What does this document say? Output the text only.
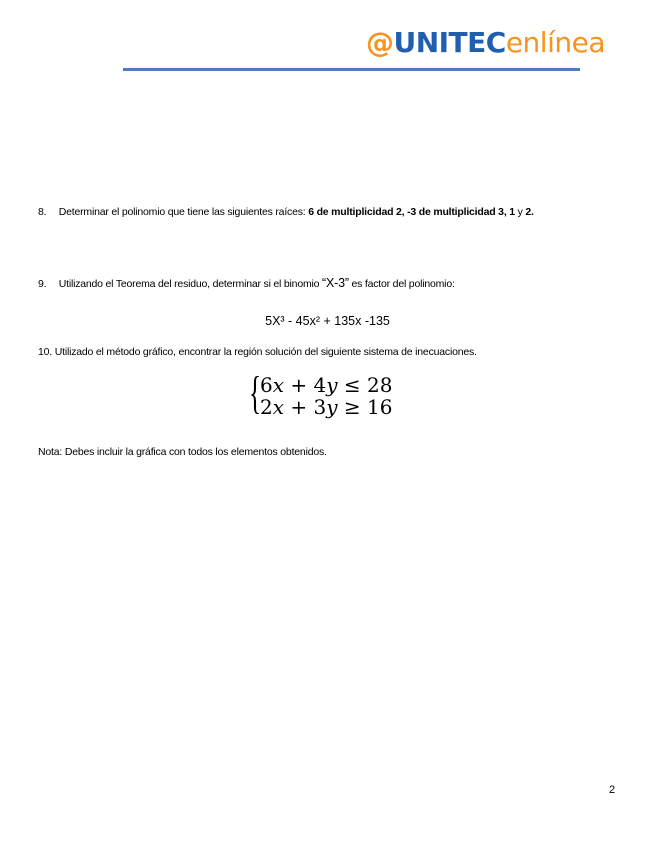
@UNITECenlínea
8. Determinar el polinomio que tiene las siguientes raíces: 6 de multiplicidad 2, -3 de multiplicidad 3, 1 y 2.
9. Utilizando el Teorema del residuo, determinar si el binomio “X-3” es factor del polinomio:
5X³ - 45x² + 135x -135
10. Utilizado el método gráfico, encontrar la región solución del siguiente sistema de inecuaciones.
{
6x + 4y ≤ 28
2x + 3y ≥ 16
Nota: Debes incluir la gráfica con todos los elementos obtenidos.
2
